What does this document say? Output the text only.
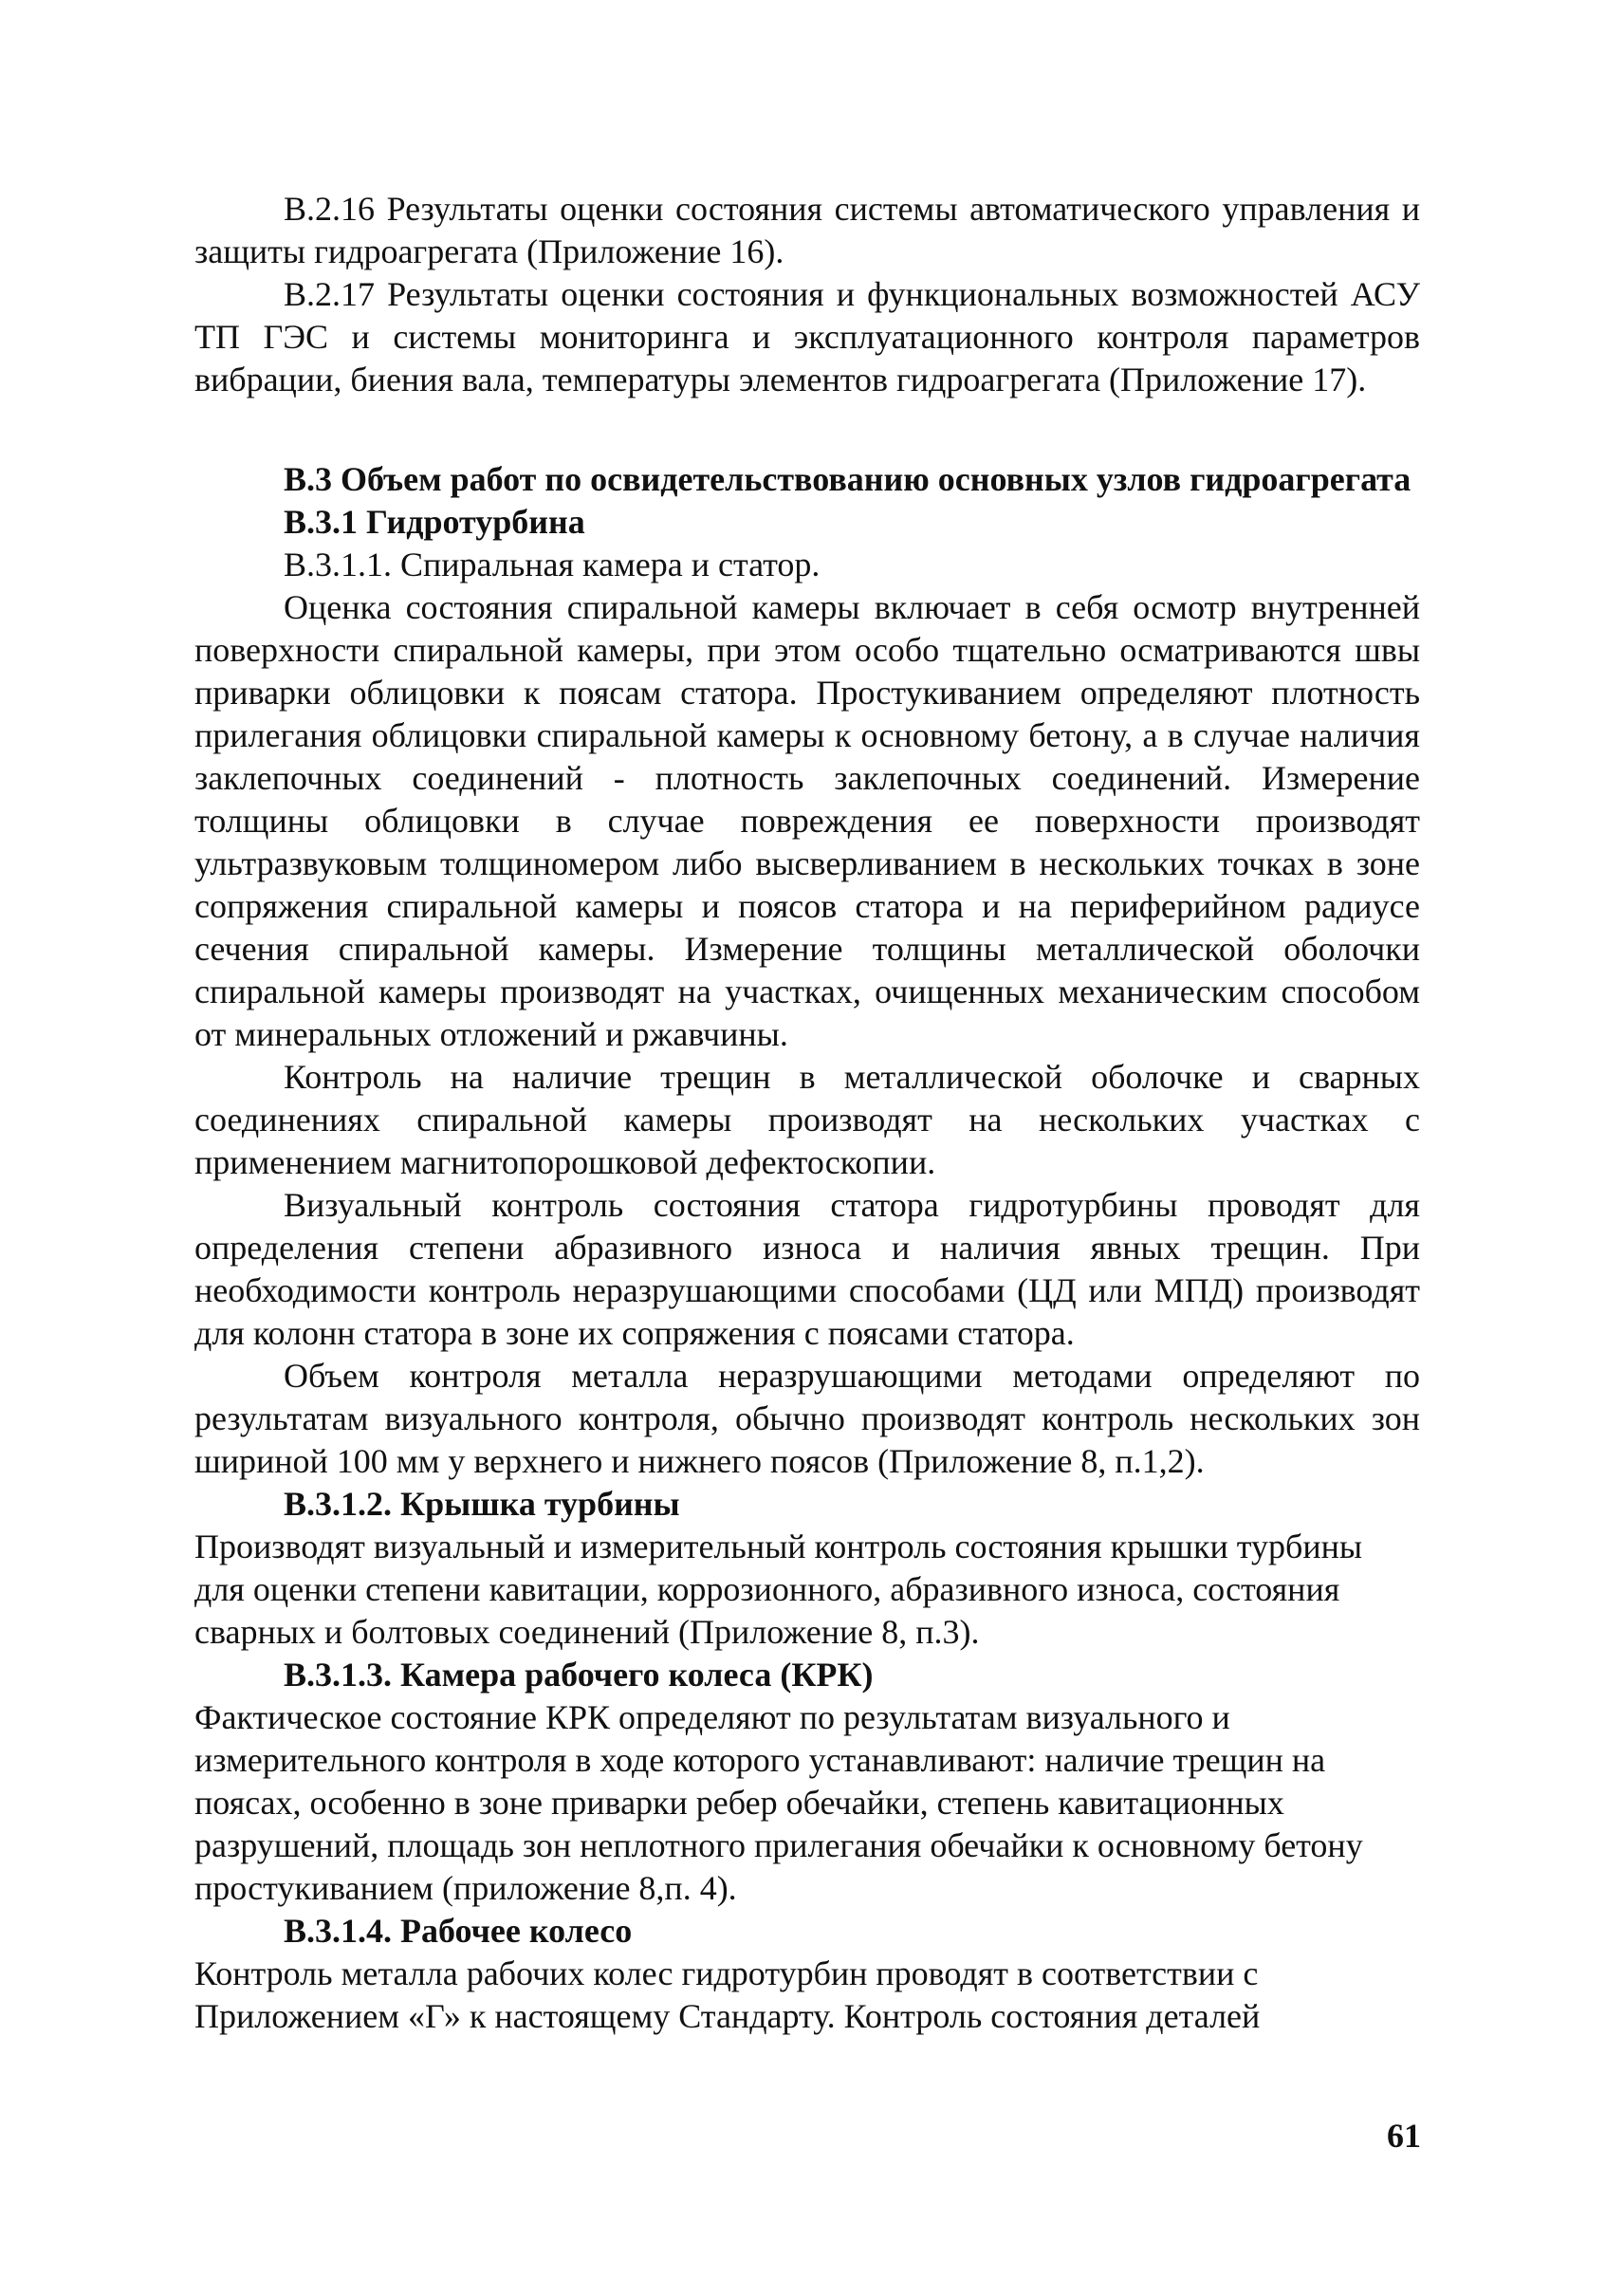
В.2.16 Результаты оценки состояния системы автоматического управления и защиты гидроагрегата (Приложение 16).

В.2.17 Результаты оценки состояния и функциональных возможностей АСУ ТП ГЭС и системы мониторинга и эксплуатационного контроля параметров вибрации, биения вала, температуры элементов гидроагрегата (Приложение 17).

В.3 Объем работ по освидетельствованию основных узлов гидроагрегата

В.3.1 Гидротурбина

В.3.1.1. Спиральная камера и статор.

Оценка состояния спиральной камеры включает в себя осмотр внутренней поверхности спиральной камеры, при этом особо тщательно осматриваются швы приварки облицовки к поясам статора. Простукиванием определяют плотность прилегания облицовки спиральной камеры к основному бетону, а в случае наличия заклепочных соединений - плотность заклепочных соединений. Измерение толщины облицовки в случае повреждения ее поверхности производят ультразвуковым толщиномером либо высверливанием в нескольких точках в зоне сопряжения спиральной камеры и поясов статора и на периферийном радиусе сечения спиральной камеры. Измерение толщины металлической оболочки спиральной камеры производят на участках, очищенных механическим способом от минеральных отложений и ржавчины.

Контроль на наличие трещин в металлической оболочке и сварных соединениях спиральной камеры производят на нескольких участках с применением магнитопорошковой дефектоскопии.

Визуальный контроль состояния статора гидротурбины проводят для определения степени абразивного износа и наличия явных трещин. При необходимости контроль неразрушающими способами (ЦД или МПД) производят для колонн статора в зоне их сопряжения с поясами статора.

Объем контроля металла неразрушающими методами определяют по результатам визуального контроля, обычно производят контроль нескольких зон шириной 100 мм у верхнего и нижнего поясов (Приложение 8, п.1,2).

В.3.1.2. Крышка турбины

Производят визуальный и измерительный контроль состояния крышки турбины для оценки степени кавитации, коррозионного, абразивного износа, состояния сварных и болтовых соединений (Приложение 8, п.3).

В.3.1.3. Камера рабочего колеса (КРК)

Фактическое состояние КРК определяют по результатам визуального и измерительного контроля в ходе которого устанавливают: наличие трещин на поясах, особенно в зоне приварки ребер обечайки, степень кавитационных разрушений, площадь зон неплотного прилегания обечайки к основному бетону простукиванием (приложение 8,п. 4).

В.3.1.4. Рабочее колесо

Контроль металла рабочих колес гидротурбин проводят в соответствии с Приложением «Г» к настоящему Стандарту. Контроль состояния деталей

61
